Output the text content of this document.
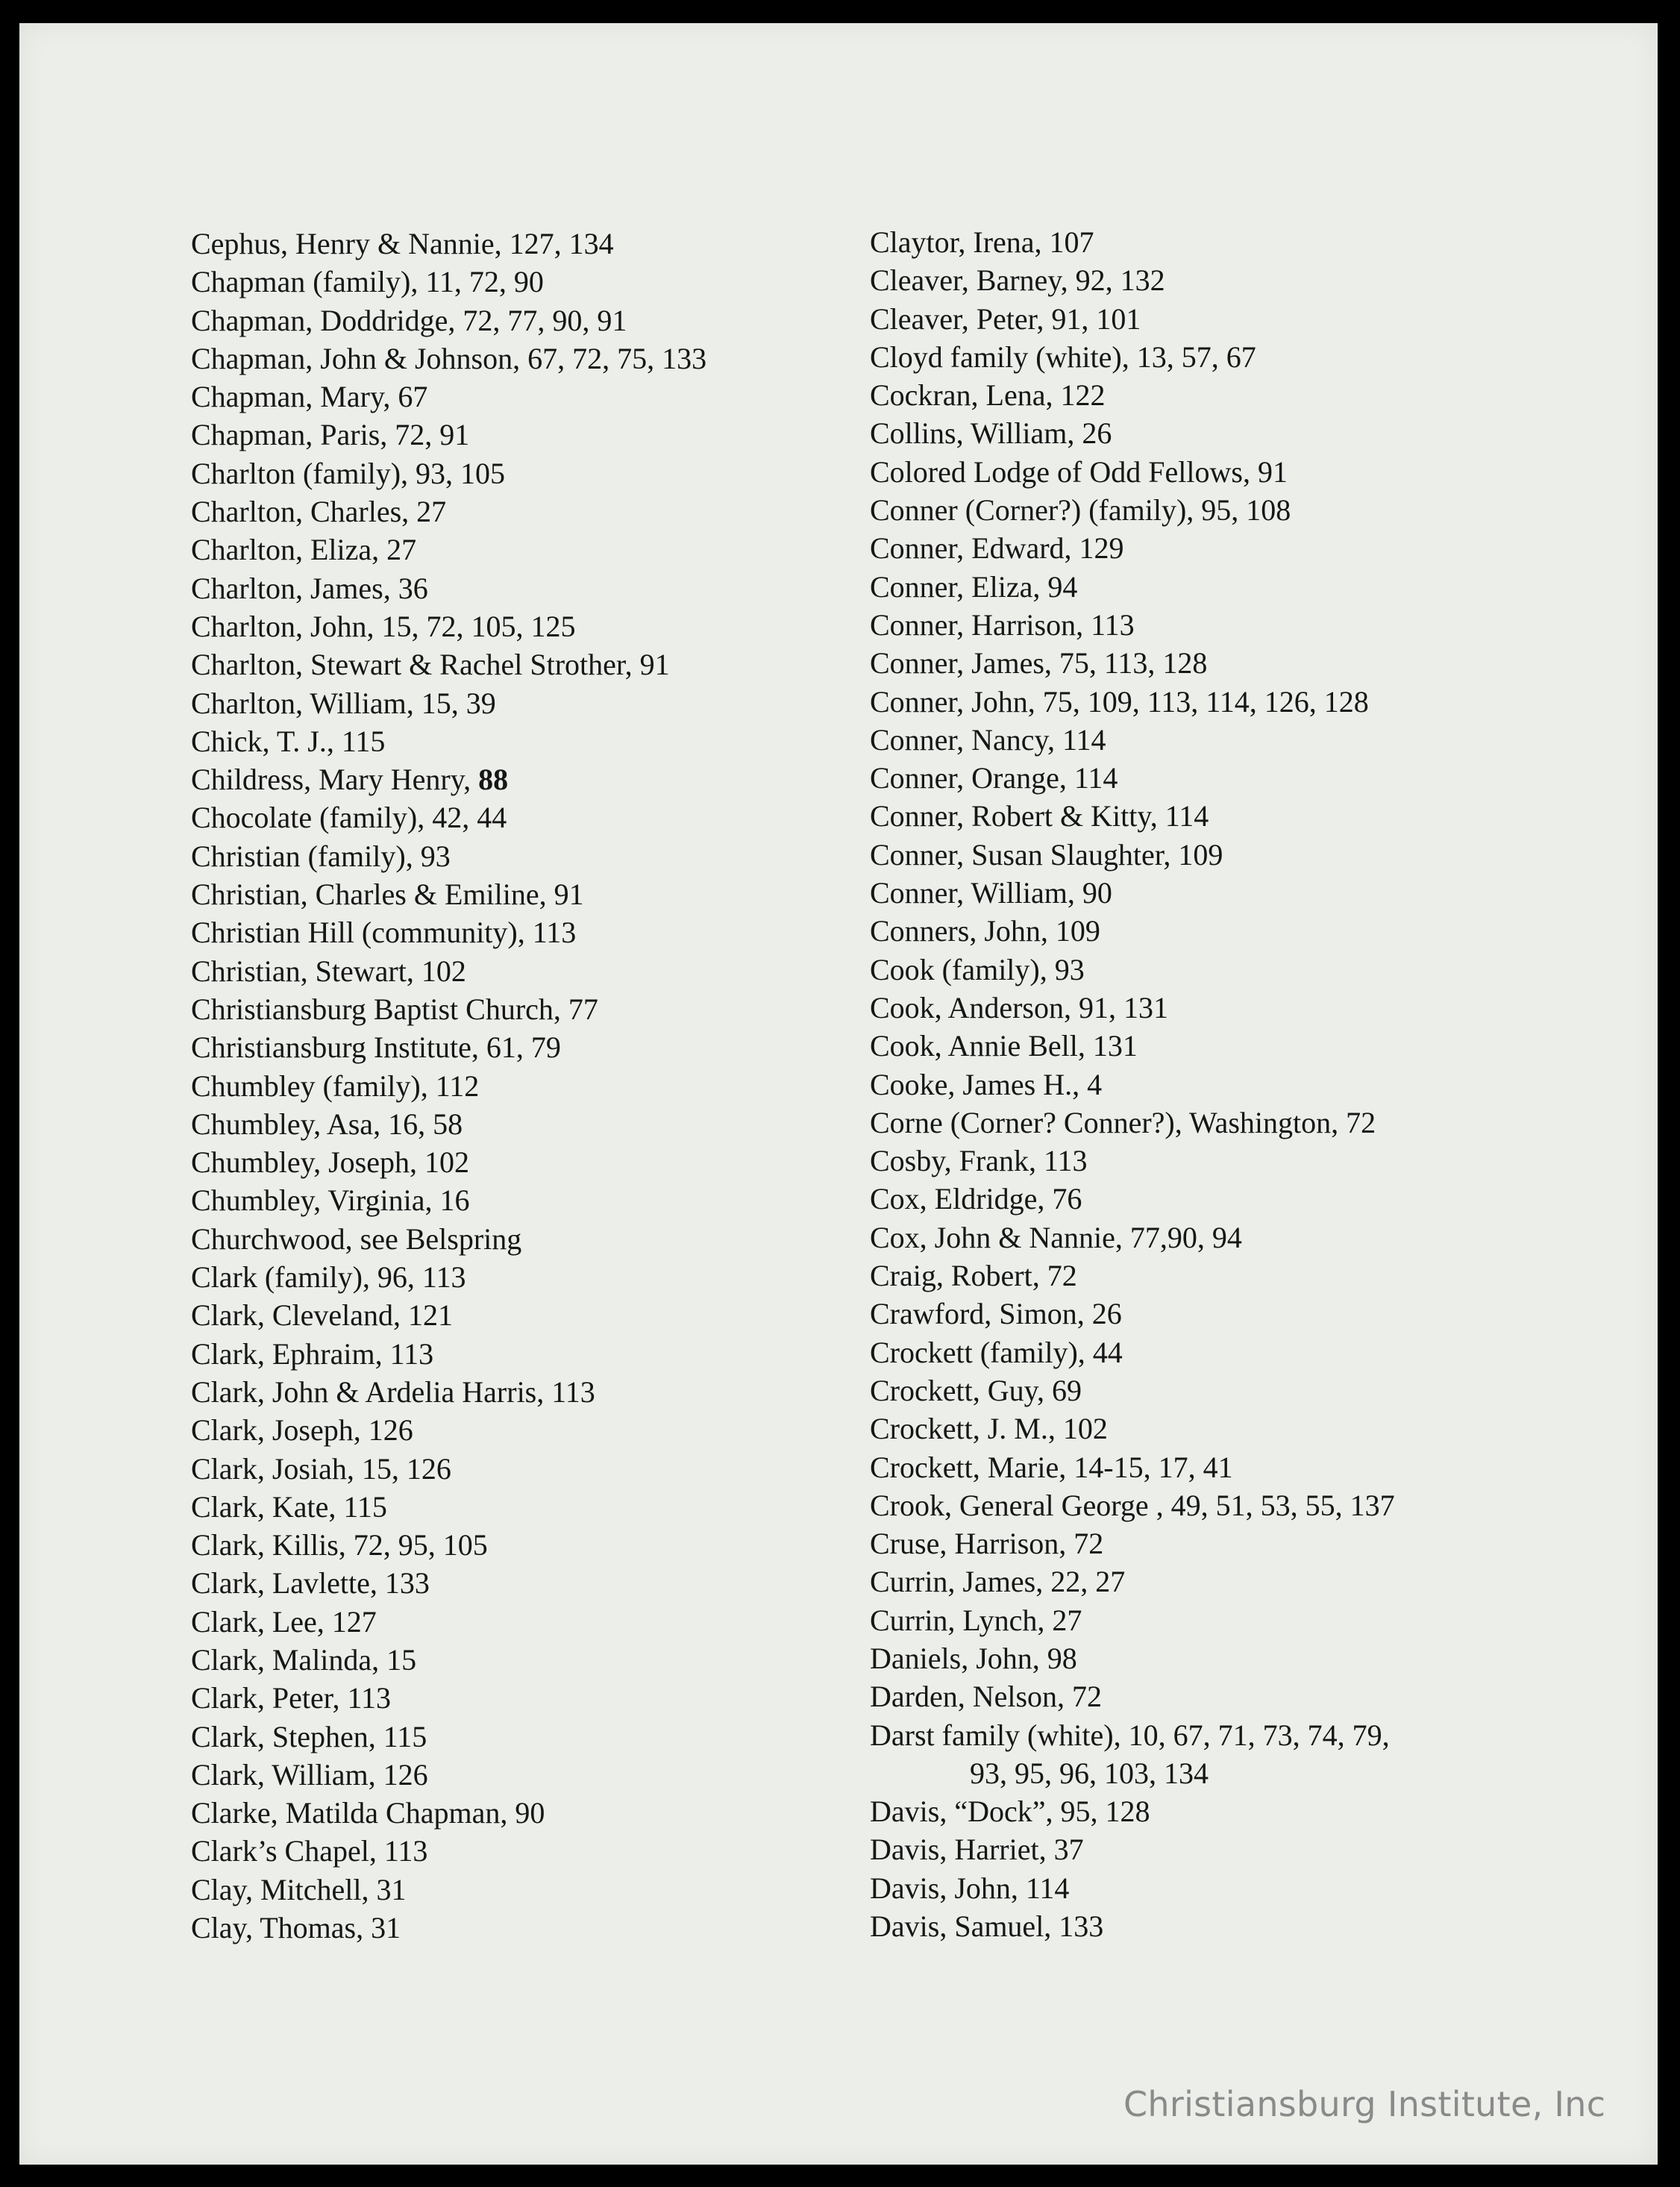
Cephus, Henry & Nannie, 127, 134
Chapman (family), 11, 72, 90
Chapman, Doddridge, 72, 77, 90, 91
Chapman, John & Johnson, 67, 72, 75, 133
Chapman, Mary, 67
Chapman, Paris, 72, 91
Charlton (family), 93, 105
Charlton, Charles, 27
Charlton, Eliza, 27
Charlton, James, 36
Charlton, John, 15, 72, 105, 125
Charlton, Stewart & Rachel Strother, 91
Charlton, William, 15, 39
Chick, T. J., 115
Childress, Mary Henry, 88
Chocolate (family), 42, 44
Christian (family), 93
Christian, Charles & Emiline, 91
Christian Hill (community), 113
Christian, Stewart, 102
Christiansburg Baptist Church, 77
Christiansburg Institute, 61, 79
Chumbley (family), 112
Chumbley, Asa, 16, 58
Chumbley, Joseph, 102
Chumbley, Virginia, 16
Churchwood, see Belspring
Clark (family), 96, 113
Clark, Cleveland, 121
Clark, Ephraim, 113
Clark, John & Ardelia Harris, 113
Clark, Joseph, 126
Clark, Josiah, 15, 126
Clark, Kate, 115
Clark, Killis, 72, 95, 105
Clark, Lavlette, 133
Clark, Lee, 127
Clark, Malinda, 15
Clark, Peter, 113
Clark, Stephen, 115
Clark, William, 126
Clarke, Matilda Chapman, 90
Clark’s Chapel, 113
Clay, Mitchell, 31
Clay, Thomas, 31
Claytor, Irena, 107
Cleaver, Barney, 92, 132
Cleaver, Peter, 91, 101
Cloyd family (white), 13, 57, 67
Cockran, Lena, 122
Collins, William, 26
Colored Lodge of Odd Fellows, 91
Conner (Corner?) (family), 95, 108
Conner, Edward, 129
Conner, Eliza, 94
Conner, Harrison, 113
Conner, James, 75, 113, 128
Conner, John, 75, 109, 113, 114, 126, 128
Conner, Nancy, 114
Conner, Orange, 114
Conner, Robert & Kitty, 114
Conner, Susan Slaughter, 109
Conner, William, 90
Conners, John, 109
Cook (family), 93
Cook, Anderson, 91, 131
Cook, Annie Bell, 131
Cooke, James H., 4
Corne (Corner? Conner?), Washington, 72
Cosby, Frank, 113
Cox, Eldridge, 76
Cox, John & Nannie, 77,90, 94
Craig, Robert, 72
Crawford, Simon, 26
Crockett (family), 44
Crockett, Guy, 69
Crockett, J. M., 102
Crockett, Marie, 14-15, 17, 41
Crook, General George , 49, 51, 53, 55, 137
Cruse, Harrison, 72
Currin, James, 22, 27
Currin, Lynch, 27
Daniels, John, 98
Darden, Nelson, 72
Darst family (white), 10, 67, 71, 73, 74, 79,
93, 95, 96, 103, 134
Davis, “Dock”, 95, 128
Davis, Harriet, 37
Davis, John, 114
Davis, Samuel, 133
Christiansburg Institute, Inc
